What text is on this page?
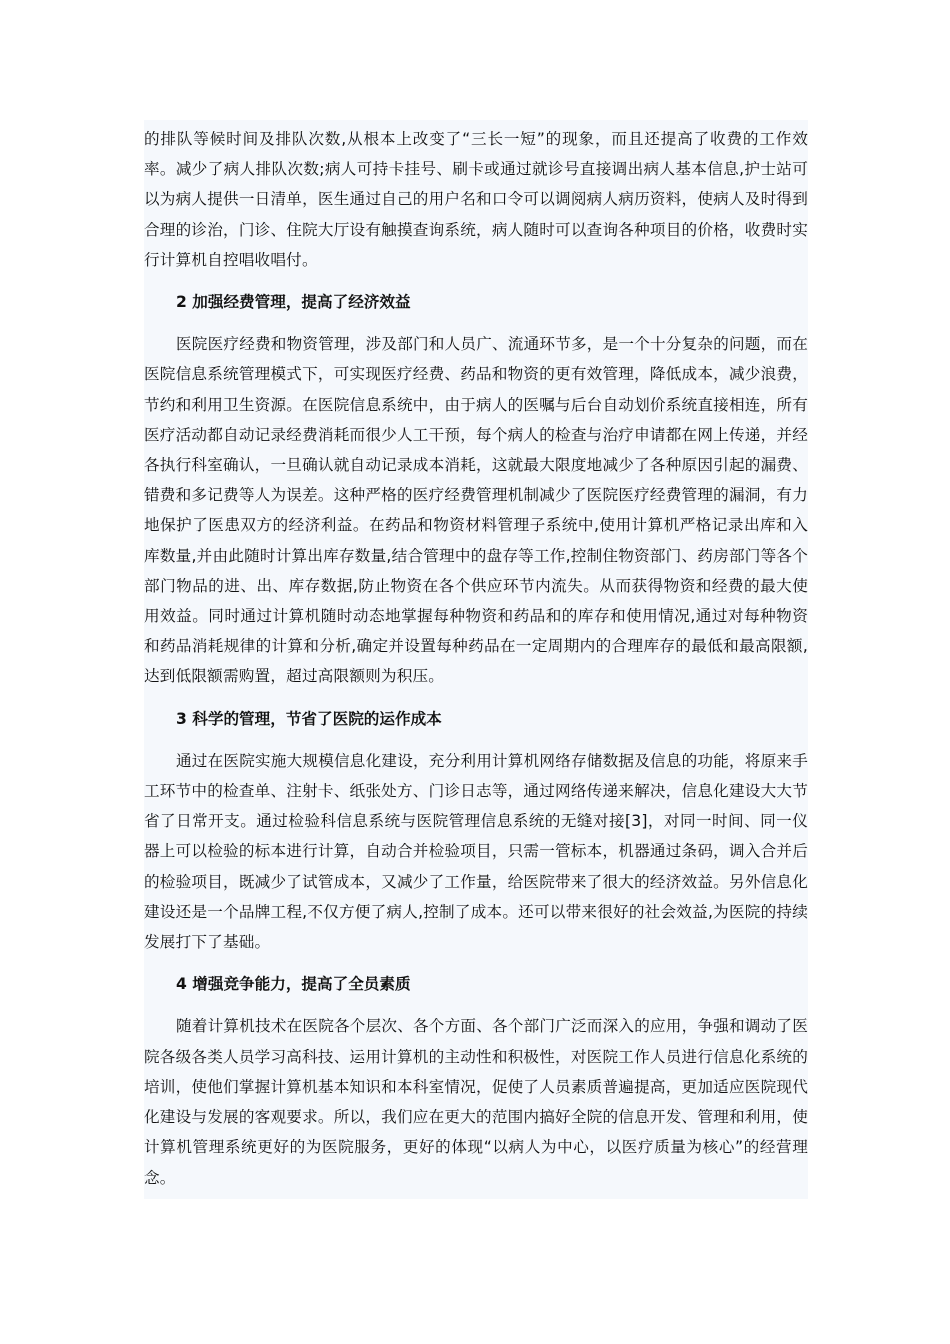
的排队等候时间及排队次数,从根本上改变了“三长一短”的现象，而且还提高了收费的工作效率。减少了病人排队次数;病人可持卡挂号、刷卡或通过就诊号直接调出病人基本信息,护士站可以为病人提供一日清单，医生通过自己的用户名和口令可以调阅病人病历资料，使病人及时得到合理的诊治，门诊、住院大厅设有触摸查询系统，病人随时可以查询各种项目的价格，收费时实行计算机自控唱收唱付。

2 加强经费管理，提高了经济效益

医院医疗经费和物资管理，涉及部门和人员广、流通环节多，是一个十分复杂的问题，而在医院信息系统管理模式下，可实现医疗经费、药品和物资的更有效管理，降低成本，减少浪费，节约和利用卫生资源。在医院信息系统中，由于病人的医嘱与后台自动划价系统直接相连，所有医疗活动都自动记录经费消耗而很少人工干预，每个病人的检查与治疗申请都在网上传递，并经各执行科室确认，一旦确认就自动记录成本消耗，这就最大限度地减少了各种原因引起的漏费、错费和多记费等人为误差。这种严格的医疗经费管理机制减少了医院医疗经费管理的漏洞，有力地保护了医患双方的经济利益。在药品和物资材料管理子系统中,使用计算机严格记录出库和入库数量,并由此随时计算出库存数量,结合管理中的盘存等工作,控制住物资部门、药房部门等各个部门物品的进、出、库存数据,防止物资在各个供应环节内流失。从而获得物资和经费的最大使用效益。同时通过计算机随时动态地掌握每种物资和药品和的库存和使用情况,通过对每种物资和药品消耗规律的计算和分析,确定并设置每种药品在一定周期内的合理库存的最低和最高限额,达到低限额需购置，超过高限额则为积压。

3 科学的管理，节省了医院的运作成本

通过在医院实施大规模信息化建设，充分利用计算机网络存储数据及信息的功能，将原来手工环节中的检查单、注射卡、纸张处方、门诊日志等，通过网络传递来解决，信息化建设大大节省了日常开支。通过检验科信息系统与医院管理信息系统的无缝对接[3]，对同一时间、同一仪器上可以检验的标本进行计算，自动合并检验项目，只需一管标本，机器通过条码，调入合并后的检验项目，既减少了试管成本，又减少了工作量，给医院带来了很大的经济效益。另外信息化建设还是一个品牌工程,不仅方便了病人,控制了成本。还可以带来很好的社会效益,为医院的持续发展打下了基础。

4 增强竞争能力，提高了全员素质

随着计算机技术在医院各个层次、各个方面、各个部门广泛而深入的应用，争强和调动了医院各级各类人员学习高科技、运用计算机的主动性和积极性，对医院工作人员进行信息化系统的培训，使他们掌握计算机基本知识和本科室情况，促使了人员素质普遍提高，更加适应医院现代化建设与发展的客观要求。所以，我们应在更大的范围内搞好全院的信息开发、管理和利用，使计算机管理系统更好的为医院服务，更好的体现“以病人为中心，以医疗质量为核心”的经营理念。
